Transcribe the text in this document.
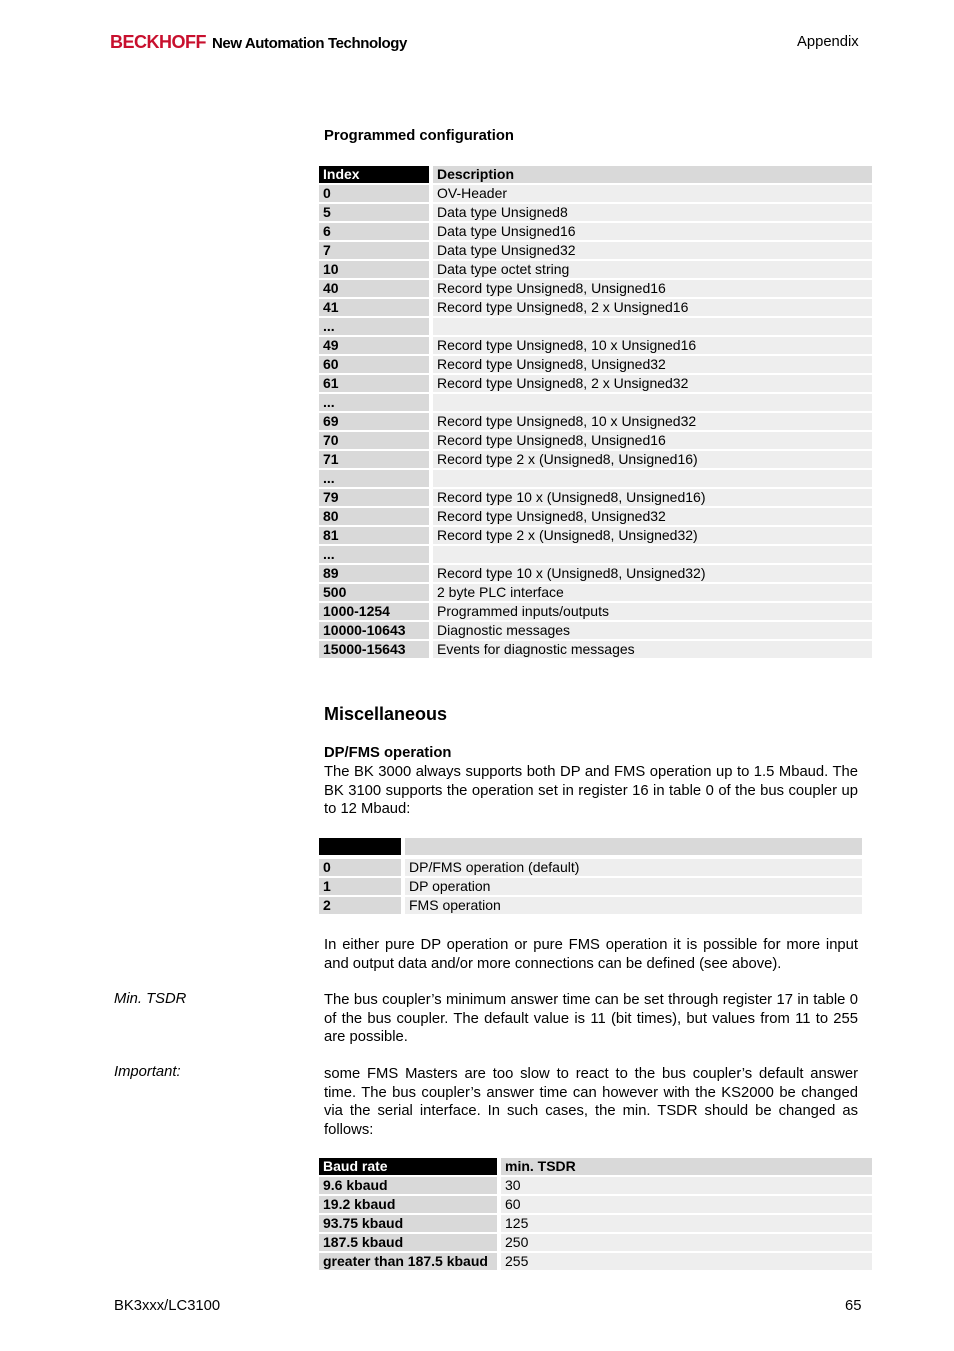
BECKHOFF New Automation Technology	Appendix
Programmed configuration
Index	Description
0	OV-Header
5	Data type Unsigned8
6	Data type Unsigned16
7	Data type Unsigned32
10	Data type octet string
40	Record type Unsigned8, Unsigned16
41	Record type Unsigned8, 2 x Unsigned16
...	
49	Record type Unsigned8, 10 x Unsigned16
60	Record type Unsigned8, Unsigned32
61	Record type Unsigned8, 2 x Unsigned32
...	
69	Record type Unsigned8, 10 x Unsigned32
70	Record type Unsigned8, Unsigned16
71	Record type 2 x (Unsigned8, Unsigned16)
...	
79	Record type 10 x (Unsigned8, Unsigned16)
80	Record type Unsigned8, Unsigned32
81	Record type 2 x (Unsigned8, Unsigned32)
...	
89	Record type 10 x (Unsigned8, Unsigned32)
500	2 byte PLC interface
1000-1254	Programmed inputs/outputs
10000-10643	Diagnostic messages
15000-15643	Events for diagnostic messages
Miscellaneous
DP/FMS operation
The BK 3000 always supports both DP and FMS operation up to 1.5 Mbaud. The BK 3100 supports the operation set in register 16 in table 0 of the bus coupler up to 12 Mbaud:

0	DP/FMS operation (default)
1	DP operation
2	FMS operation
In either pure DP operation or pure FMS operation it is possible for more input and output data and/or more connections can be defined (see above).
Min. TSDR	The bus coupler’s minimum answer time can be set through register 17 in table 0 of the bus coupler. The default value is 11 (bit times), but values from 11 to 255 are possible.
Important:	some FMS Masters are too slow to react to the bus coupler’s default answer time. The bus coupler’s answer time can however with the KS2000 be changed via the serial interface. In such cases, the min. TSDR should be changed as follows:
Baud rate	min. TSDR
9.6 kbaud	30
19.2 kbaud	60
93.75 kbaud	125
187.5 kbaud	250
greater than 187.5 kbaud	255
BK3xxx/LC3100	65
